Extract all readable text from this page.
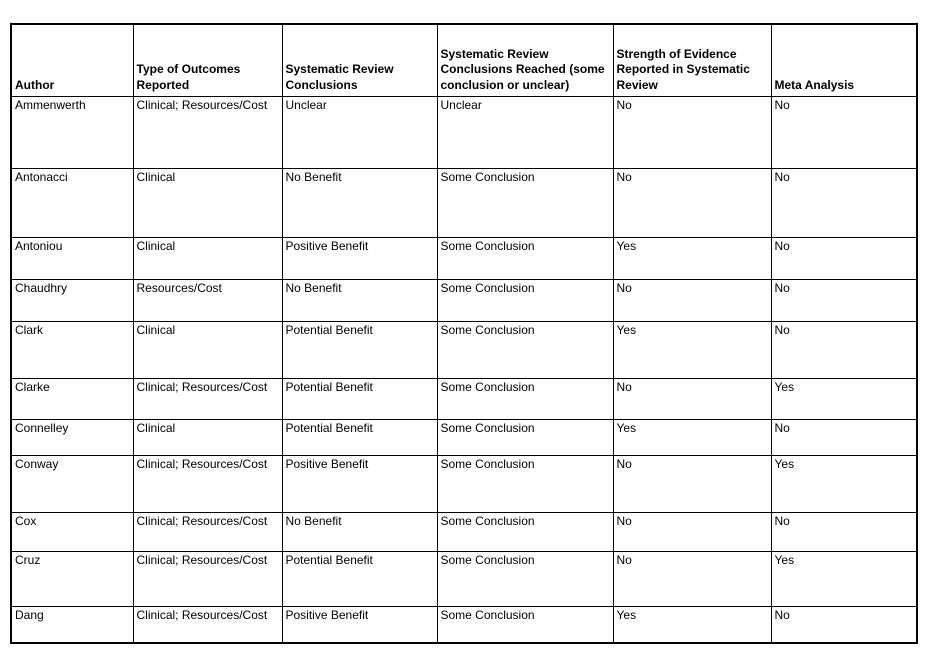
Author	Type of Outcomes Reported	Systematic Review Conclusions	Systematic Review Conclusions Reached (some conclusion or unclear)	Strength of Evidence Reported in Systematic Review	Meta Analysis
Ammenwerth	Clinical; Resources/Cost	Unclear	Unclear	No	No
Antonacci	Clinical	No Benefit	Some Conclusion	No	No
Antoniou	Clinical	Positive Benefit	Some Conclusion	Yes	No
Chaudhry	Resources/Cost	No Benefit	Some Conclusion	No	No
Clark	Clinical	Potential Benefit	Some Conclusion	Yes	No
Clarke	Clinical; Resources/Cost	Potential Benefit	Some Conclusion	No	Yes
Connelley	Clinical	Potential Benefit	Some Conclusion	Yes	No
Conway	Clinical; Resources/Cost	Positive Benefit	Some Conclusion	No	Yes
Cox	Clinical; Resources/Cost	No Benefit	Some Conclusion	No	No
Cruz	Clinical; Resources/Cost	Potential Benefit	Some Conclusion	No	Yes
Dang	Clinical; Resources/Cost	Positive Benefit	Some Conclusion	Yes	No
